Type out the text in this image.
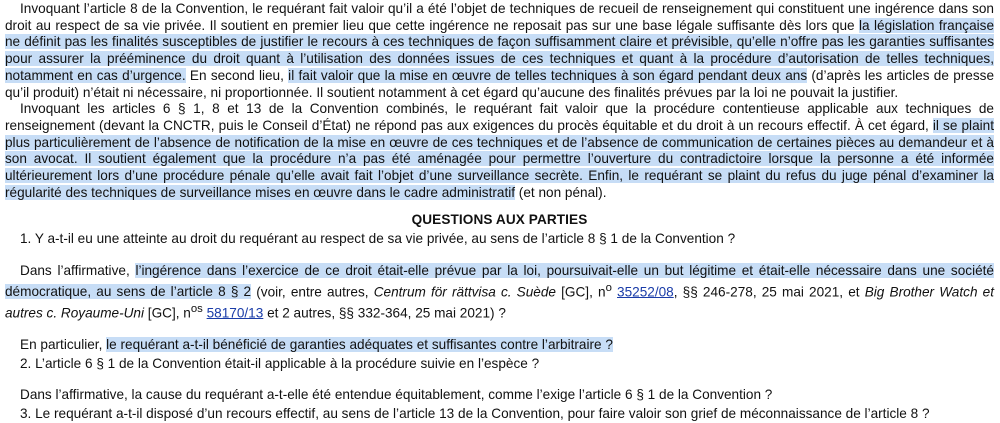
Invoquant l’article 8 de la Convention, le requérant fait valoir qu’il a été l’objet de techniques de recueil de renseignement qui constituent une ingérence dans son droit au respect de sa vie privée. Il soutient en premier lieu que cette ingérence ne reposait pas sur une base légale suffisante dès lors que la législation française ne définit pas les finalités susceptibles de justifier le recours à ces techniques de façon suffisamment claire et prévisible, qu’elle n’offre pas les garanties suffisantes pour assurer la prééminence du droit quant à l’utilisation des données issues de ces techniques et quant à la procédure d’autorisation de telles techniques, notamment en cas d’urgence. En second lieu, il fait valoir que la mise en œuvre de telles techniques à son égard pendant deux ans (d’après les articles de presse qu’il produit) n’était ni nécessaire, ni proportionnée. Il soutient notamment à cet égard qu’aucune des finalités prévues par la loi ne pouvait la justifier.

Invoquant les articles 6 § 1, 8 et 13 de la Convention combinés, le requérant fait valoir que la procédure contentieuse applicable aux techniques de renseignement (devant la CNCTR, puis le Conseil d’État) ne répond pas aux exigences du procès équitable et du droit à un recours effectif. À cet égard, il se plaint plus particulièrement de l’absence de notification de la mise en œuvre de ces techniques et de l’absence de communication de certaines pièces au demandeur et à son avocat. Il soutient également que la procédure n’a pas été aménagée pour permettre l’ouverture du contradictoire lorsque la personne a été informée ultérieurement lors d’une procédure pénale qu’elle avait fait l’objet d’une surveillance secrète. Enfin, le requérant se plaint du refus du juge pénal d’examiner la régularité des techniques de surveillance mises en œuvre dans le cadre administratif (et non pénal).

QUESTIONS AUX PARTIES

1. Y a-t-il eu une atteinte au droit du requérant au respect de sa vie privée, au sens de l’article 8 § 1 de la Convention ?

Dans l’affirmative, l’ingérence dans l’exercice de ce droit était-elle prévue par la loi, poursuivait-elle un but légitime et était-elle nécessaire dans une société démocratique, au sens de l’article 8 § 2 (voir, entre autres, Centrum för rättvisa c. Suède [GC], $n^o$ 35252/08, §§ 246-278, 25 mai 2021, et Big Brother Watch et autres c. Royaume-Uni [GC], $n^{os}$ 58170/13 et 2 autres, §§ 332-364, 25 mai 2021) ?

En particulier, le requérant a-t-il bénéficié de garanties adéquates et suffisantes contre l’arbitraire ?

2. L’article 6 § 1 de la Convention était-il applicable à la procédure suivie en l’espèce ?

Dans l’affirmative, la cause du requérant a-t-elle été entendue équitablement, comme l’exige l’article 6 § 1 de la Convention ?

3. Le requérant a-t-il disposé d’un recours effectif, au sens de l’article 13 de la Convention, pour faire valoir son grief de méconnaissance de l’article 8 ?
